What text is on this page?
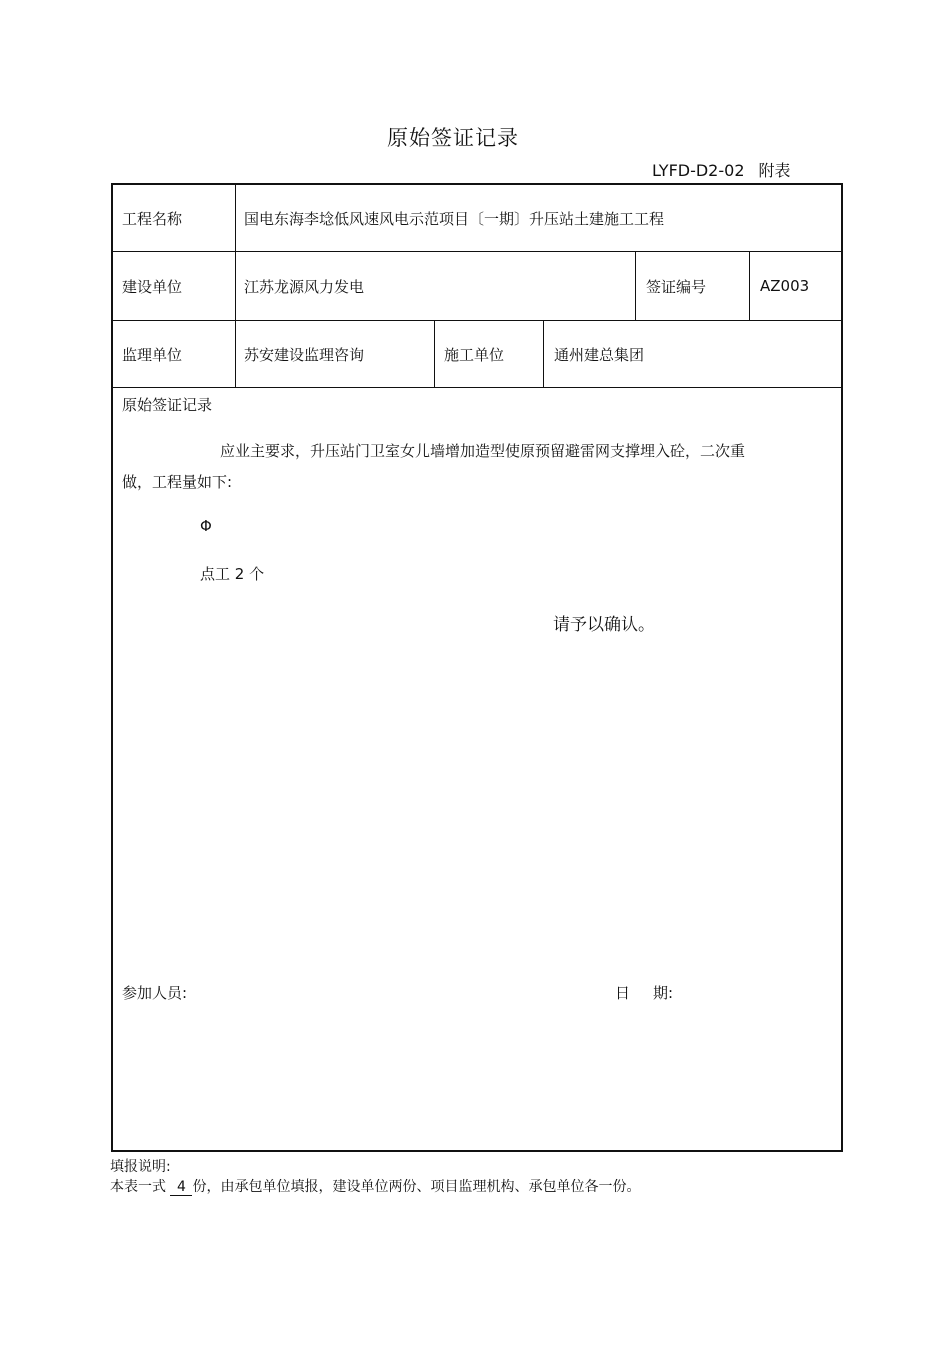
原始签证记录
LYFD-D2-02 附表
工程名称	国电东海李埝低风速风电示范项目〔一期〕升压站土建施工工程
建设单位	江苏龙源风力发电	签证编号	AZ003
监理单位	苏安建设监理咨询	施工单位	通州建总集团
原始签证记录
应业主要求，升压站门卫室女儿墙增加造型使原预留避雷网支撑埋入砼，二次重
做，工程量如下:
Φ
点工 2 个
请予以确认。
参加人员:	日 期:
填报说明:
本表一式 4 份，由承包单位填报，建设单位两份、项目监理机构、承包单位各一份。
